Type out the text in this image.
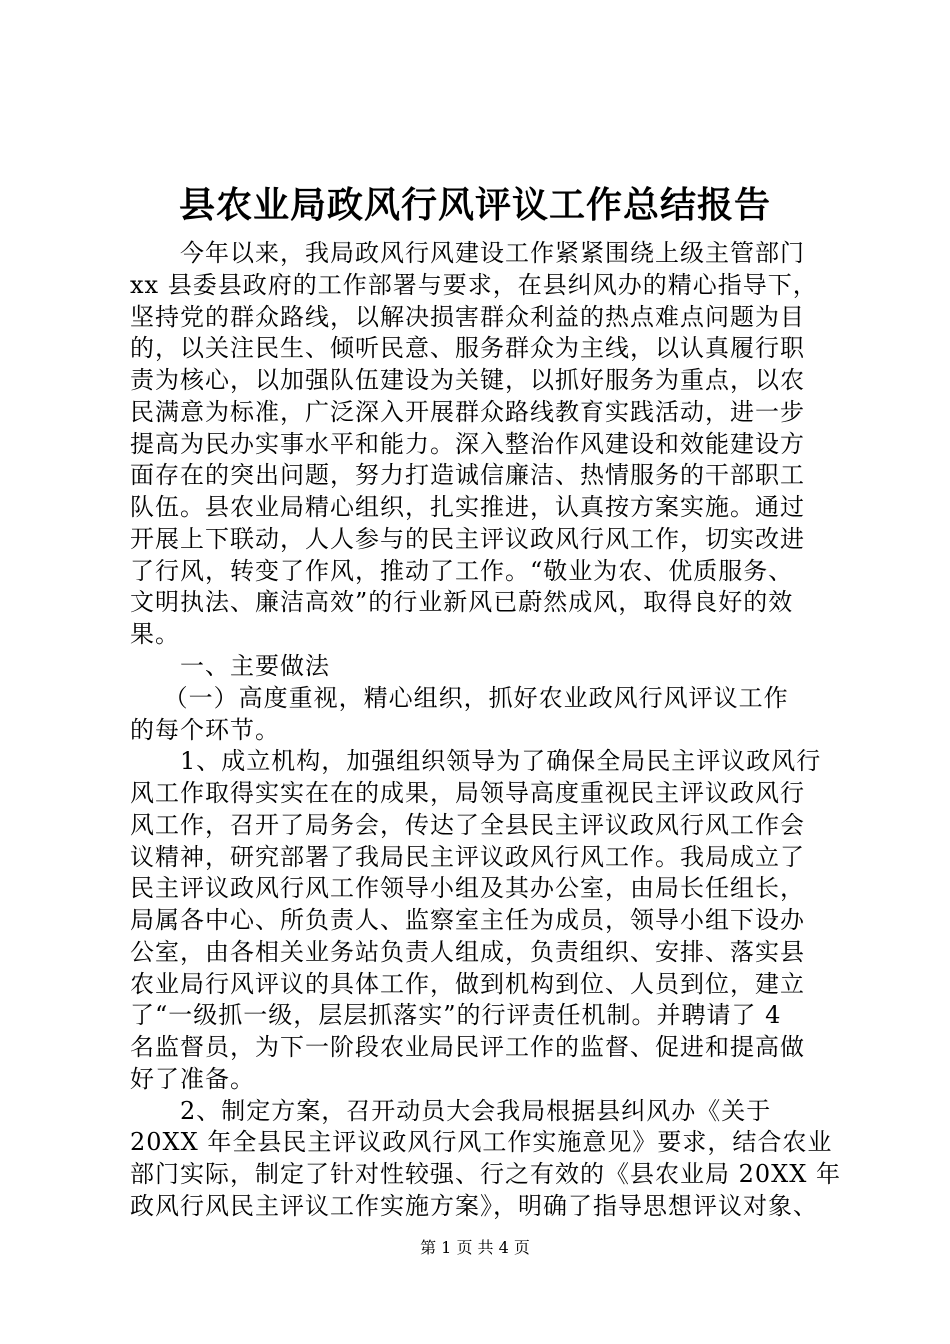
县农业局政风行风评议工作总结报告
　　今年以来，我局政风行风建设工作紧紧围绕上级主管部门
xx 县委县政府的工作部署与要求，在县纠风办的精心指导下，
坚持党的群众路线，以解决损害群众利益的热点难点问题为目
的，以关注民生、倾听民意、服务群众为主线，以认真履行职
责为核心，以加强队伍建设为关键，以抓好服务为重点，以农
民满意为标准，广泛深入开展群众路线教育实践活动，进一步
提高为民办实事水平和能力。深入整治作风建设和效能建设方
面存在的突出问题，努力打造诚信廉洁、热情服务的干部职工
队伍。县农业局精心组织，扎实推进，认真按方案实施。通过
开展上下联动，人人参与的民主评议政风行风工作，切实改进
了行风，转变了作风，推动了工作。“敬业为农、优质服务、
文明执法、廉洁高效”的行业新风已蔚然成风，取得良好的效
果。
　　一、主要做法
　 （一）高度重视，精心组织，抓好农业政风行风评议工作
的每个环节。
　　1、成立机构，加强组织领导为了确保全局民主评议政风行
风工作取得实实在在的成果，局领导高度重视民主评议政风行
风工作，召开了局务会，传达了全县民主评议政风行风工作会
议精神，研究部署了我局民主评议政风行风工作。我局成立了
民主评议政风行风工作领导小组及其办公室，由局长任组长，
局属各中心、所负责人、监察室主任为成员，领导小组下设办
公室，由各相关业务站负责人组成，负责组织、安排、落实县
农业局行风评议的具体工作，做到机构到位、人员到位，建立
了“一级抓一级，层层抓落实”的行评责任机制。并聘请了 4
名监督员，为下一阶段农业局民评工作的监督、促进和提高做
好了准备。
　　2、制定方案，召开动员大会我局根据县纠风办《关于
20XX 年全县民主评议政风行风工作实施意见》要求，结合农业
第 1 页 共 4 页
部门实际，制定了针对性较强、行之有效的《县农业局 20XX 年
政风行风民主评议工作实施方案》，明确了指导思想评议对象、
